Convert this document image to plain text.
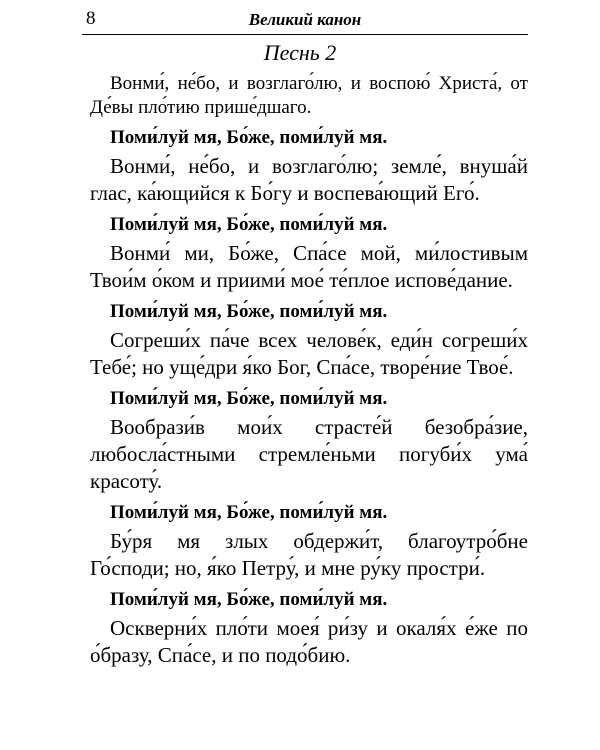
8	Великий канон
Песнь 2

Вонми́, не́бо, и возглаго́лю, и воспою́ Христа́, от Де́вы пло́тию прише́дшаго.

Поми́луй мя, Бо́же, поми́луй мя.

Вонми́, не́бо, и возглаго́лю; земле́, внуша́й глас, ка́ющийся к Бо́гу и воспева́ющий Его́.

Поми́луй мя, Бо́же, поми́луй мя.

Вонми́ ми, Бо́же, Спа́се мой, ми́лостивым Твои́м о́ком и приими́ мое́ те́плое испове́дание.

Поми́луй мя, Бо́же, поми́луй мя.

Согреши́х па́че всех челове́к, еди́н согреши́х Тебе́; но уще́дри я́ко Бог, Спа́се, творе́ние Твое́.

Поми́луй мя, Бо́же, поми́луй мя.

Вообрази́в мои́х страсте́й безобра́зие, любосла́стными стремле́ньми погуби́х ума́ красоту́.

Поми́луй мя, Бо́же, поми́луй мя.

Бу́ря мя злых обдержи́т, благоутро́бне Го́споди; но, я́ко Петру́, и мне ру́ку простри́.

Поми́луй мя, Бо́же, поми́луй мя.

Оскверни́х пло́ти моея́ ри́зу и окаля́х е́же по о́бразу, Спа́се, и по подо́бию.
